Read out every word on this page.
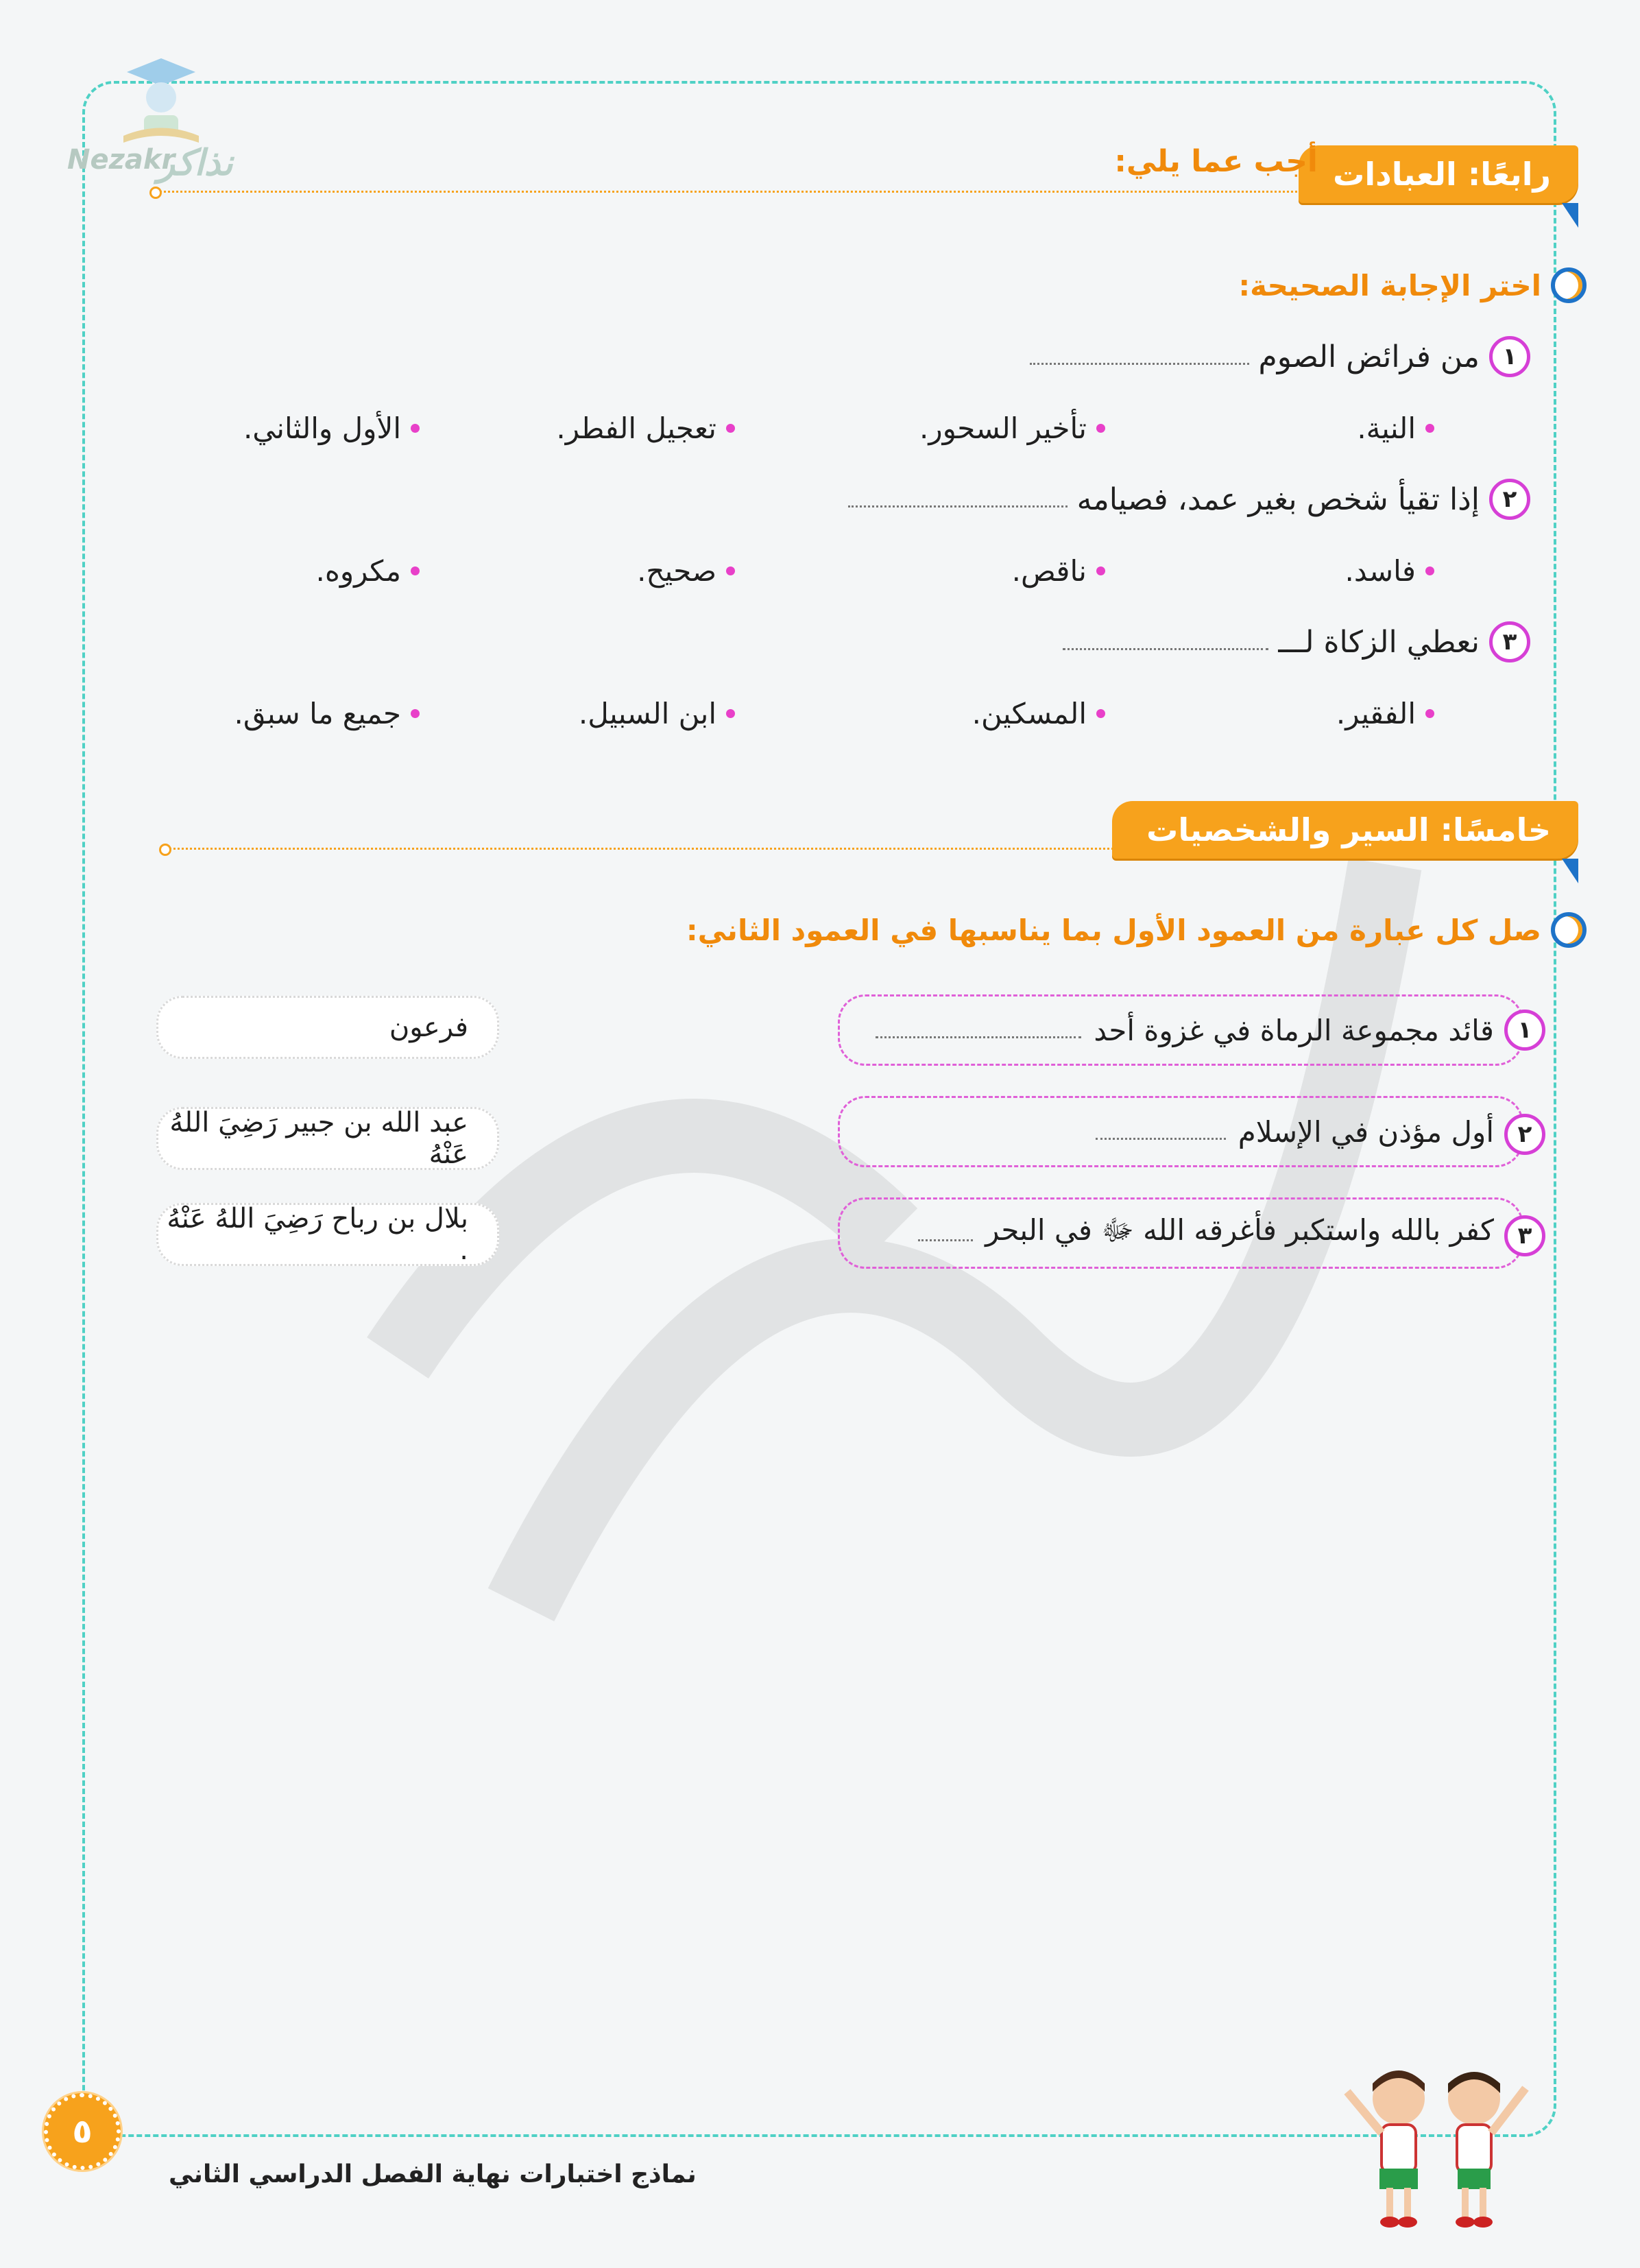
نذاكر
Nezakr	رابعًا: العبادات
أجب عما يلي:
اختر الإجابة الصحيحة:
١
من فرائض الصوم
النية.
تأخير السحور.
تعجيل الفطر.
الأول والثاني.
٢
إذا تقيأ شخص بغير عمد، فصيامه
فاسد.
ناقص.
صحيح.
مكروه.
٣
نعطي الزكاة لـــ
الفقير.
المسكين.
ابن السبيل.
جميع ما سبق.
خامسًا: السير والشخصيات
صل كل عبارة من العمود الأول بما يناسبها في العمود الثاني:
قائد مجموعة الرماة في غزوة أحد	١
أول مؤذن في الإسلام	٢
كفر بالله واستكبر فأغرقه الله ﷻ في البحر	٣
فرعون
عبد الله بن جبير رَضِيَ اللهُ عَنْهُ
بلال بن رباح رَضِيَ اللهُ عَنْهُ .
٥
نماذج اختبارات نهاية الفصل الدراسي الثاني
